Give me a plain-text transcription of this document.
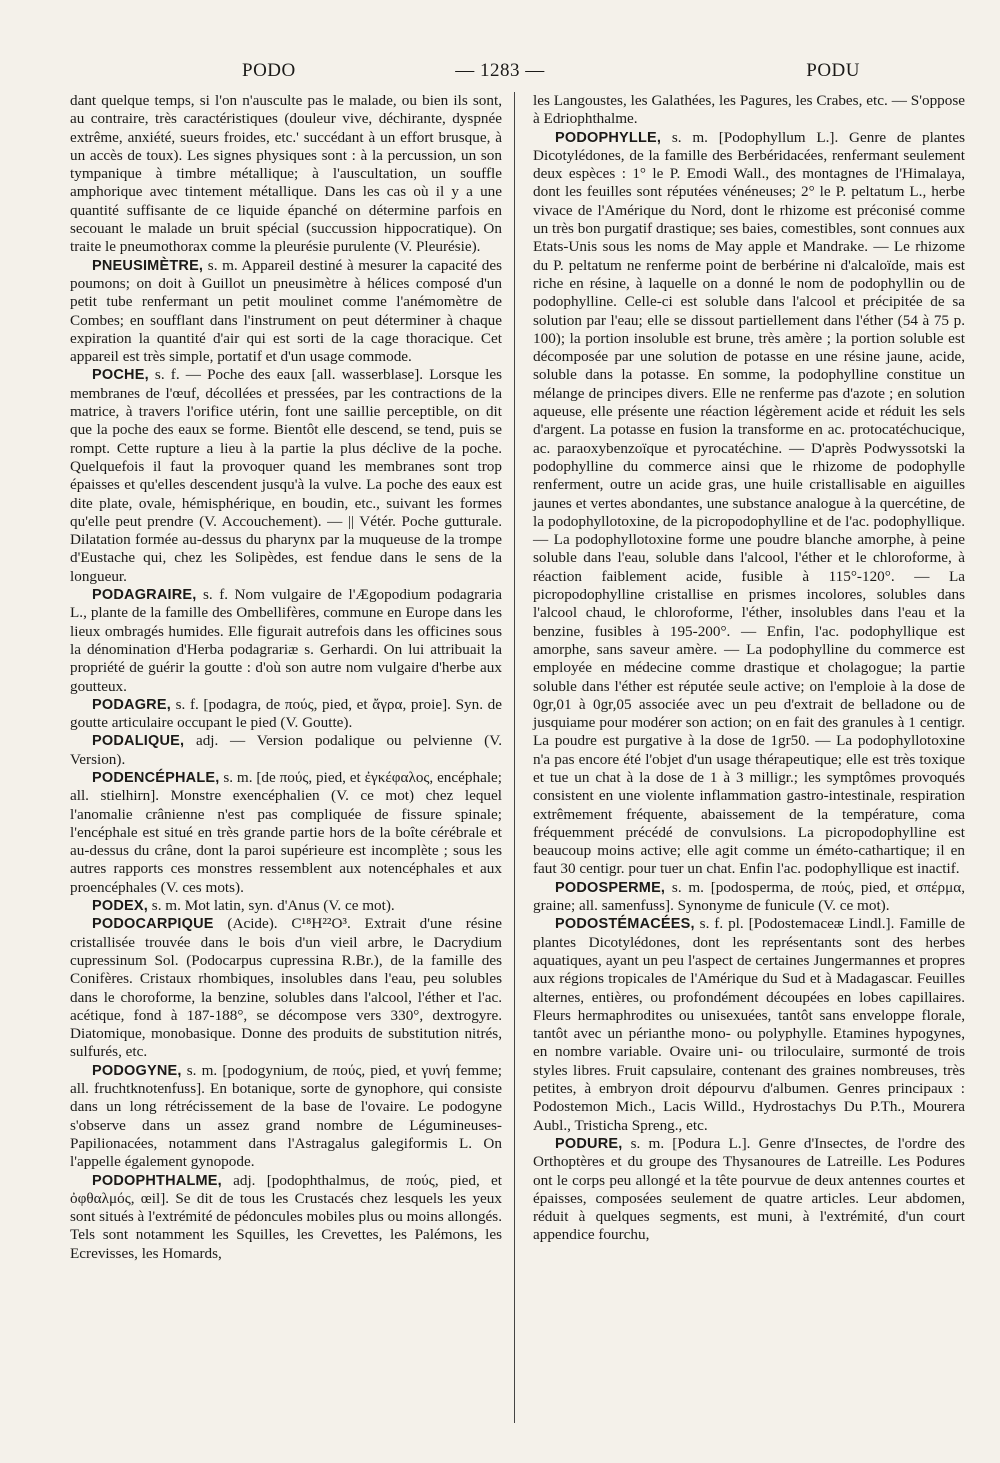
PODO	— 1283 —	PODU

dant quelque temps, si l'on n'ausculte pas le malade, ou bien ils sont, au contraire, très caractéristiques (douleur vive, déchirante, dyspnée extrême, anxiété, sueurs froides, etc.' succédant à un effort brusque, à un accès de toux). Les signes physiques sont : à la percussion, un son tympanique à timbre métallique; à l'auscultation, un souffle amphorique avec tintement métallique. Dans les cas où il y a une quantité suffisante de ce liquide épanché on détermine parfois en secouant le malade un bruit spécial (succussion hippocratique). On traite le pneumothorax comme la pleurésie purulente (V. Pleurésie).

PNEUSIMÈTRE, s. m. Appareil destiné à mesurer la capacité des poumons; on doit à Guillot un pneusimètre à hélices composé d'un petit tube renfermant un petit moulinet comme l'anémomètre de Combes; en soufflant dans l'instrument on peut déterminer à chaque expiration la quantité d'air qui est sorti de la cage thoracique. Cet appareil est très simple, portatif et d'un usage commode.

POCHE, s. f. — Poche des eaux [all. wasserblase]. Lorsque les membranes de l'œuf, décollées et pressées, par les contractions de la matrice, à travers l'orifice utérin, font une saillie perceptible, on dit que la poche des eaux se forme. Bientôt elle descend, se tend, puis se rompt. Cette rupture a lieu à la partie la plus déclive de la poche. Quelquefois il faut la provoquer quand les membranes sont trop épaisses et qu'elles descendent jusqu'à la vulve. La poche des eaux est dite plate, ovale, hémisphérique, en boudin, etc., suivant les formes qu'elle peut prendre (V. Accouchement). — || Vétér. Poche gutturale. Dilatation formée au-dessus du pharynx par la muqueuse de la trompe d'Eustache qui, chez les Solipèdes, est fendue dans le sens de la longueur.

PODAGRAIRE, s. f. Nom vulgaire de l'Ægopodium podagraria L., plante de la famille des Ombellifères, commune en Europe dans les lieux ombragés humides. Elle figurait autrefois dans les officines sous la dénomination d'Herba podagrariæ s. Gerhardi. On lui attribuait la propriété de guérir la goutte : d'où son autre nom vulgaire d'herbe aux goutteux.

PODAGRE, s. f. [podagra, de πούς, pied, et ἄγρα, proie]. Syn. de goutte articulaire occupant le pied (V. Goutte).

PODALIQUE, adj. — Version podalique ou pelvienne (V. Version).

PODENCÉPHALE, s. m. [de πούς, pied, et ἐγκέφαλος, encéphale; all. stielhirn]. Monstre exencéphalien (V. ce mot) chez lequel l'anomalie crânienne n'est pas compliquée de fissure spinale; l'encéphale est situé en très grande partie hors de la boîte cérébrale et au-dessus du crâne, dont la paroi supérieure est incomplète ; sous les autres rapports ces monstres ressemblent aux notencéphales et aux proencéphales (V. ces mots).

PODEX, s. m. Mot latin, syn. d'Anus (V. ce mot).

PODOCARPIQUE (Acide). C¹⁸H²²O³. Extrait d'une résine cristallisée trouvée dans le bois d'un vieil arbre, le Dacrydium cupressinum Sol. (Podocarpus cupressina R.Br.), de la famille des Conifères. Cristaux rhombiques, insolubles dans l'eau, peu solubles dans le choroforme, la benzine, solubles dans l'alcool, l'éther et l'ac. acétique, fond à 187-188°, se décompose vers 330°, dextrogyre. Diatomique, monobasique. Donne des produits de substitution nitrés, sulfurés, etc.

PODOGYNE, s. m. [podogynium, de πούς, pied, et γυνή femme; all. fruchtknotenfuss]. En botanique, sorte de gynophore, qui consiste dans un long rétrécissement de la base de l'ovaire. Le podogyne s'observe dans un assez grand nombre de Légumineuses-Papilionacées, notamment dans l'Astragalus galegiformis L. On l'appelle également gynopode.

PODOPHTHALME, adj. [podophthalmus, de πούς, pied, et ὀφθαλμός, œil]. Se dit de tous les Crustacés chez lesquels les yeux sont situés à l'extrémité de pédoncules mobiles plus ou moins allongés. Tels sont notamment les Squilles, les Crevettes, les Palémons, les Ecrevisses, les Homards,

les Langoustes, les Galathées, les Pagures, les Crabes, etc. — S'oppose à Edriophthalme.

PODOPHYLLE, s. m. [Podophyllum L.]. Genre de plantes Dicotylédones, de la famille des Berbéridacées, renfermant seulement deux espèces : 1° le P. Emodi Wall., des montagnes de l'Himalaya, dont les feuilles sont réputées vénéneuses; 2° le P. peltatum L., herbe vivace de l'Amérique du Nord, dont le rhizome est préconisé comme un très bon purgatif drastique; ses baies, comestibles, sont connues aux Etats-Unis sous les noms de May apple et Mandrake. — Le rhizome du P. peltatum ne renferme point de berbérine ni d'alcaloïde, mais est riche en résine, à laquelle on a donné le nom de podophyllin ou de podophylline. Celle-ci est soluble dans l'alcool et précipitée de sa solution par l'eau; elle se dissout partiellement dans l'éther (54 à 75 p. 100); la portion insoluble est brune, très amère ; la portion soluble est décomposée par une solution de potasse en une résine jaune, acide, soluble dans la potasse. En somme, la podophylline constitue un mélange de principes divers. Elle ne renferme pas d'azote ; en solution aqueuse, elle présente une réaction légèrement acide et réduit les sels d'argent. La potasse en fusion la transforme en ac. protocatéchucique, ac. paraoxybenzoïque et pyrocatéchine. — D'après Podwyssotski la podophylline du commerce ainsi que le rhizome de podophylle renferment, outre un acide gras, une huile cristallisable en aiguilles jaunes et vertes abondantes, une substance analogue à la quercétine, de la podophyllotoxine, de la picropodophylline et de l'ac. podophyllique. — La podophyllotoxine forme une poudre blanche amorphe, à peine soluble dans l'eau, soluble dans l'alcool, l'éther et le chloroforme, à réaction faiblement acide, fusible à 115°-120°. — La picropodophylline cristallise en prismes incolores, solubles dans l'alcool chaud, le chloroforme, l'éther, insolubles dans l'eau et la benzine, fusibles à 195-200°. — Enfin, l'ac. podophyllique est amorphe, sans saveur amère. — La podophylline du commerce est employée en médecine comme drastique et cholagogue; la partie soluble dans l'éther est réputée seule active; on l'emploie à la dose de 0gr,01 à 0gr,05 associée avec un peu d'extrait de belladone ou de jusquiame pour modérer son action; on en fait des granules à 1 centigr. La poudre est purgative à la dose de 1gr50. — La podophyllotoxine n'a pas encore été l'objet d'un usage thérapeutique; elle est très toxique et tue un chat à la dose de 1 à 3 milligr.; les symptômes provoqués consistent en une violente inflammation gastro-intestinale, respiration extrêmement fréquente, abaissement de la température, coma fréquemment précédé de convulsions. La picropodophylline est beaucoup moins active; elle agit comme un éméto-cathartique; il en faut 30 centigr. pour tuer un chat. Enfin l'ac. podophyllique est inactif.

PODOSPERME, s. m. [podosperma, de πούς, pied, et σπέρμα, graine; all. samenfuss]. Synonyme de funicule (V. ce mot).

PODOSTÉMACÉES, s. f. pl. [Podostemaceæ Lindl.]. Famille de plantes Dicotylédones, dont les représentants sont des herbes aquatiques, ayant un peu l'aspect de certaines Jungermannes et propres aux régions tropicales de l'Amérique du Sud et à Madagascar. Feuilles alternes, entières, ou profondément découpées en lobes capillaires. Fleurs hermaphrodites ou unisexuées, tantôt sans enveloppe florale, tantôt avec un périanthe mono- ou polyphylle. Etamines hypogynes, en nombre variable. Ovaire uni- ou triloculaire, surmonté de trois styles libres. Fruit capsulaire, contenant des graines nombreuses, très petites, à embryon droit dépourvu d'albumen. Genres principaux : Podostemon Mich., Lacis Willd., Hydrostachys Du P.Th., Mourera Aubl., Tristicha Spreng., etc.

PODURE, s. m. [Podura L.]. Genre d'Insectes, de l'ordre des Orthoptères et du groupe des Thysanoures de Latreille. Les Podures ont le corps peu allongé et la tête pourvue de deux antennes courtes et épaisses, composées seulement de quatre articles. Leur abdomen, réduit à quelques segments, est muni, à l'extrémité, d'un court appendice fourchu,
